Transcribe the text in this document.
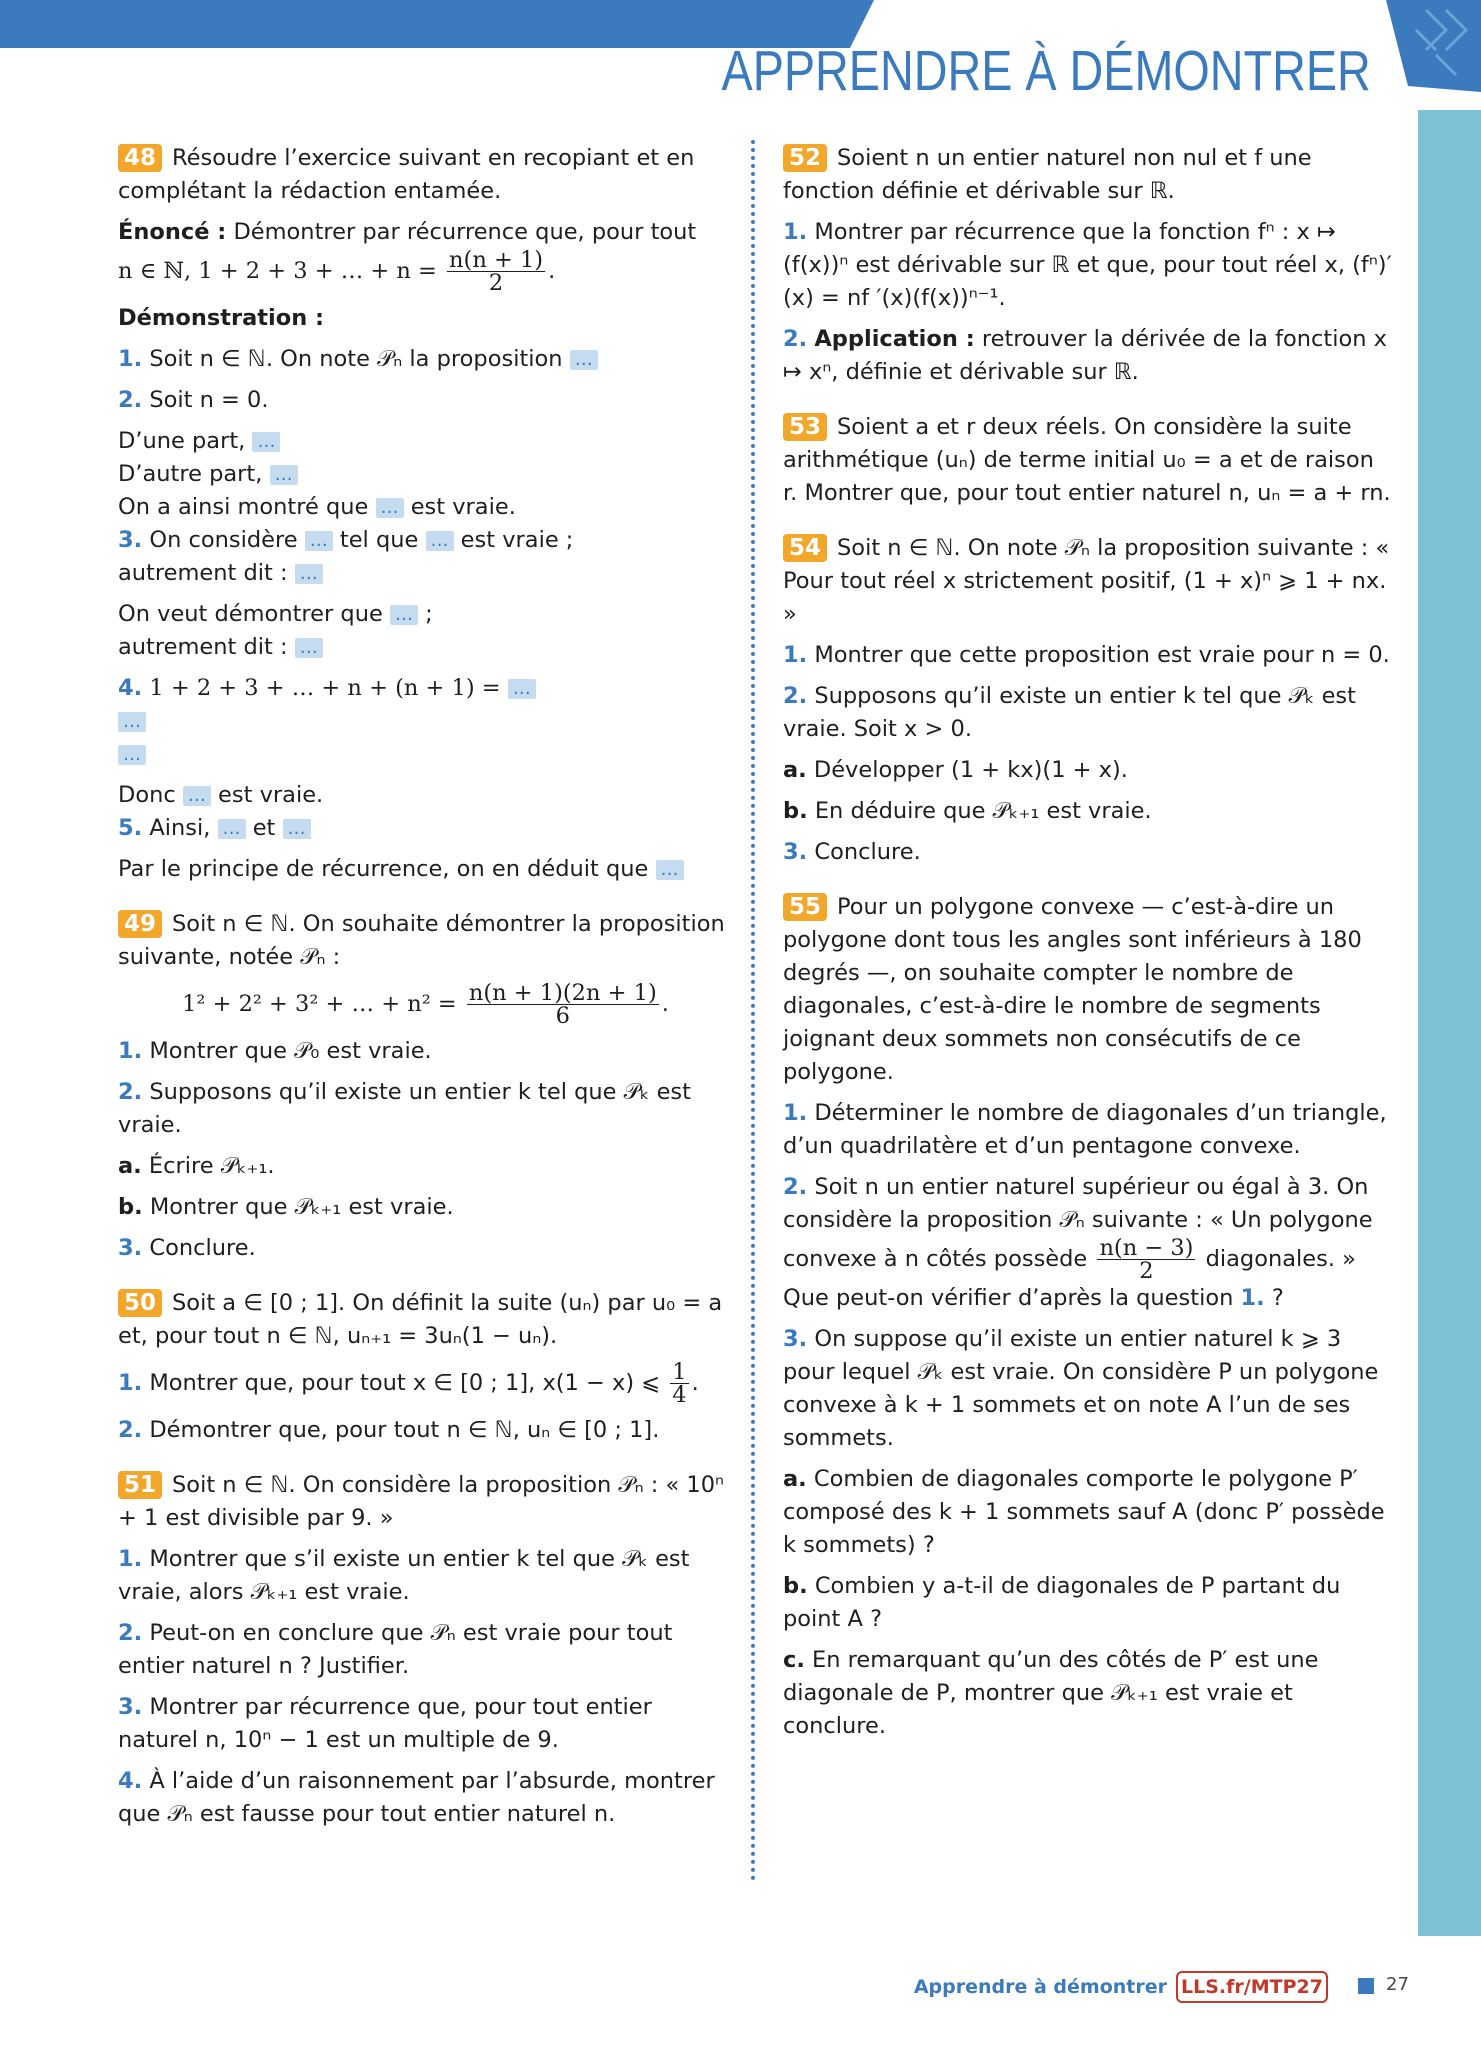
APPRENDRE À DÉMONTRER

48 Résoudre l’exercice suivant en recopiant et en complétant la rédaction entamée.

Énoncé : Démontrer par récurrence que, pour tout
n ∈ ℕ, 1 + 2 + 3 + … + $n = \frac{n(n + 1)}{2}$ .

Démonstration :

1. Soit n ∈ ℕ. On note 𝒫ₙ la proposition …

2. Soit n = 0.

D’une part, …
D’autre part, …
On a ainsi montré que … est vraie.
3. On considère … tel que … est vraie ;
autrement dit : …

On veut démontrer que … ;
autrement dit : …

4. 1 + 2 + 3 + … + n + (n + 1) = …
…
…

Donc … est vraie.
5. Ainsi, … et …

Par le principe de récurrence, on en déduit que …

49 Soit n ∈ ℕ. On souhaite démontrer la proposition suivante, notée 𝒫ₙ :

1² + 2² + 3² + … + $n^2 = \frac{n(n + 1)(2n + 1)}{6}$ .

1. Montrer que 𝒫₀ est vraie.

2. Supposons qu’il existe un entier k tel que 𝒫ₖ est vraie.

a. Écrire 𝒫ₖ₊₁.

b. Montrer que 𝒫ₖ₊₁ est vraie.

3. Conclure.

50 Soit a ∈ [0 ; 1]. On définit la suite (uₙ) par u₀ = a et, pour tout n ∈ ℕ, uₙ₊₁ = 3uₙ(1 − uₙ).

1. Montrer que, pour tout x ∈ [0 ; 1], x(1 − x) ⩽ $\frac{1}{4}$ .

2. Démontrer que, pour tout n ∈ ℕ, uₙ ∈ [0 ; 1].

51 Soit n ∈ ℕ. On considère la proposition 𝒫ₙ : « 10ⁿ + 1 est divisible par 9. »

1. Montrer que s’il existe un entier k tel que 𝒫ₖ est vraie, alors 𝒫ₖ₊₁ est vraie.

2. Peut-on en conclure que 𝒫ₙ est vraie pour tout entier naturel n ? Justifier.

3. Montrer par récurrence que, pour tout entier naturel n, 10ⁿ − 1 est un multiple de 9.

4. À l’aide d’un raisonnement par l’absurde, montrer que 𝒫ₙ est fausse pour tout entier naturel n.

52 Soient n un entier naturel non nul et f une fonction définie et dérivable sur ℝ.

1. Montrer par récurrence que la fonction fⁿ : x ↦ (f(x))ⁿ est dérivable sur ℝ et que, pour tout réel x, (fⁿ)′(x) = nf ′(x)(f(x))ⁿ⁻¹.

2. Application : retrouver la dérivée de la fonction x ↦ xⁿ, définie et dérivable sur ℝ.

53 Soient a et r deux réels. On considère la suite arithmétique (uₙ) de terme initial u₀ = a et de raison r. Montrer que, pour tout entier naturel n, uₙ = a + rn.

54 Soit n ∈ ℕ. On note 𝒫ₙ la proposition suivante : « Pour tout réel x strictement positif, (1 + x)ⁿ ⩾ 1 + nx. »

1. Montrer que cette proposition est vraie pour n = 0.

2. Supposons qu’il existe un entier k tel que 𝒫ₖ est vraie. Soit x > 0.

a. Développer (1 + kx)(1 + x).

b. En déduire que 𝒫ₖ₊₁ est vraie.

3. Conclure.

55 Pour un polygone convexe — c’est-à-dire un polygone dont tous les angles sont inférieurs à 180 degrés —, on souhaite compter le nombre de diagonales, c’est-à-dire le nombre de segments joignant deux sommets non consécutifs de ce polygone.

1. Déterminer le nombre de diagonales d’un triangle, d’un quadrilatère et d’un pentagone convexe.

2. Soit n un entier naturel supérieur ou égal à 3. On considère la proposition 𝒫ₙ suivante : « Un polygone convexe à n côtés possède $\frac{n(n - 3)}{2}$ diagonales. »
Que peut-on vérifier d’après la question 1. ?

3. On suppose qu’il existe un entier naturel k ⩾ 3 pour lequel 𝒫ₖ est vraie. On considère P un polygone convexe à k + 1 sommets et on note A l’un de ses sommets.

a. Combien de diagonales comporte le polygone P′ composé des k + 1 sommets sauf A (donc P′ possède k sommets) ?

b. Combien y a-t-il de diagonales de P partant du point A ?

c. En remarquant qu’un des côtés de P′ est une diagonale de P, montrer que 𝒫ₖ₊₁ est vraie et conclure.

Apprendre à démontrer LLS.fr/MTP27	27
